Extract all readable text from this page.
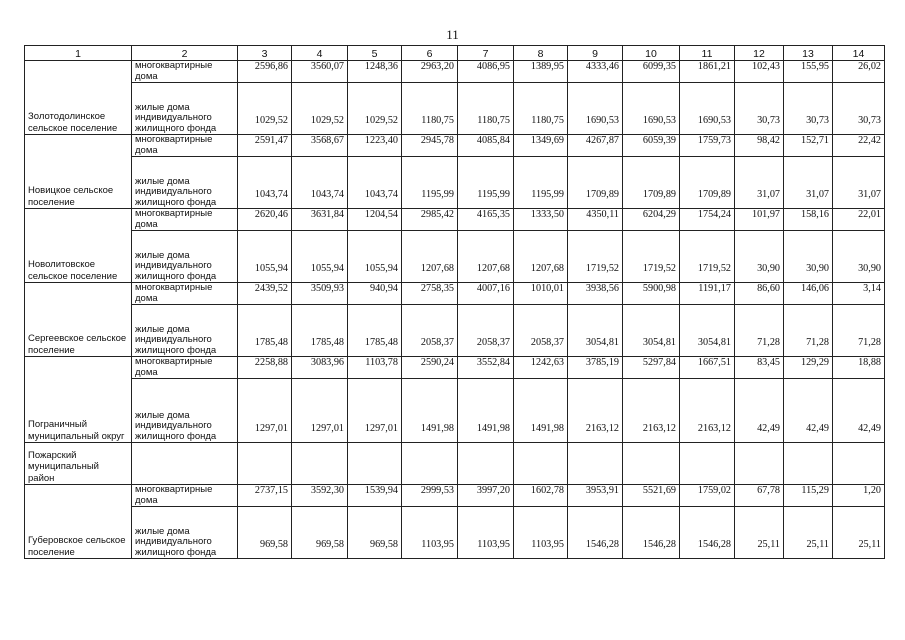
11
1	2	3	4	5	6	7	8	9	10	11	12	13	14
Золотодолинское сельское поселение	многоквартирные дома	2596,86	3560,07	1248,36	2963,20	4086,95	1389,95	4333,46	6099,35	1861,21	102,43	155,95	26,02
	жилые дома индивидуального жилищного фонда	1029,52	1029,52	1029,52	1180,75	1180,75	1180,75	1690,53	1690,53	1690,53	30,73	30,73	30,73
Новицкое сельское поселение	многоквартирные дома	2591,47	3568,67	1223,40	2945,78	4085,84	1349,69	4267,87	6059,39	1759,73	98,42	152,71	22,42
	жилые дома индивидуального жилищного фонда	1043,74	1043,74	1043,74	1195,99	1195,99	1195,99	1709,89	1709,89	1709,89	31,07	31,07	31,07
Новолитовское сельское поселение	многоквартирные дома	2620,46	3631,84	1204,54	2985,42	4165,35	1333,50	4350,11	6204,29	1754,24	101,97	158,16	22,01
	жилые дома индивидуального жилищного фонда	1055,94	1055,94	1055,94	1207,68	1207,68	1207,68	1719,52	1719,52	1719,52	30,90	30,90	30,90
Сергеевское сельское поселение	многоквартирные дома	2439,52	3509,93	940,94	2758,35	4007,16	1010,01	3938,56	5900,98	1191,17	86,60	146,06	3,14
	жилые дома индивидуального жилищного фонда	1785,48	1785,48	1785,48	2058,37	2058,37	2058,37	3054,81	3054,81	3054,81	71,28	71,28	71,28
Пограничный муниципальный округ	многоквартирные дома	2258,88	3083,96	1103,78	2590,24	3552,84	1242,63	3785,19	5297,84	1667,51	83,45	129,29	18,88
	жилые дома индивидуального жилищного фонда	1297,01	1297,01	1297,01	1491,98	1491,98	1491,98	2163,12	2163,12	2163,12	42,49	42,49	42,49
Пожарский муниципальный район													
Губеровское сельское поселение	многоквартирные дома	2737,15	3592,30	1539,94	2999,53	3997,20	1602,78	3953,91	5521,69	1759,02	67,78	115,29	1,20
	жилые дома индивидуального жилищного фонда	969,58	969,58	969,58	1103,95	1103,95	1103,95	1546,28	1546,28	1546,28	25,11	25,11	25,11
